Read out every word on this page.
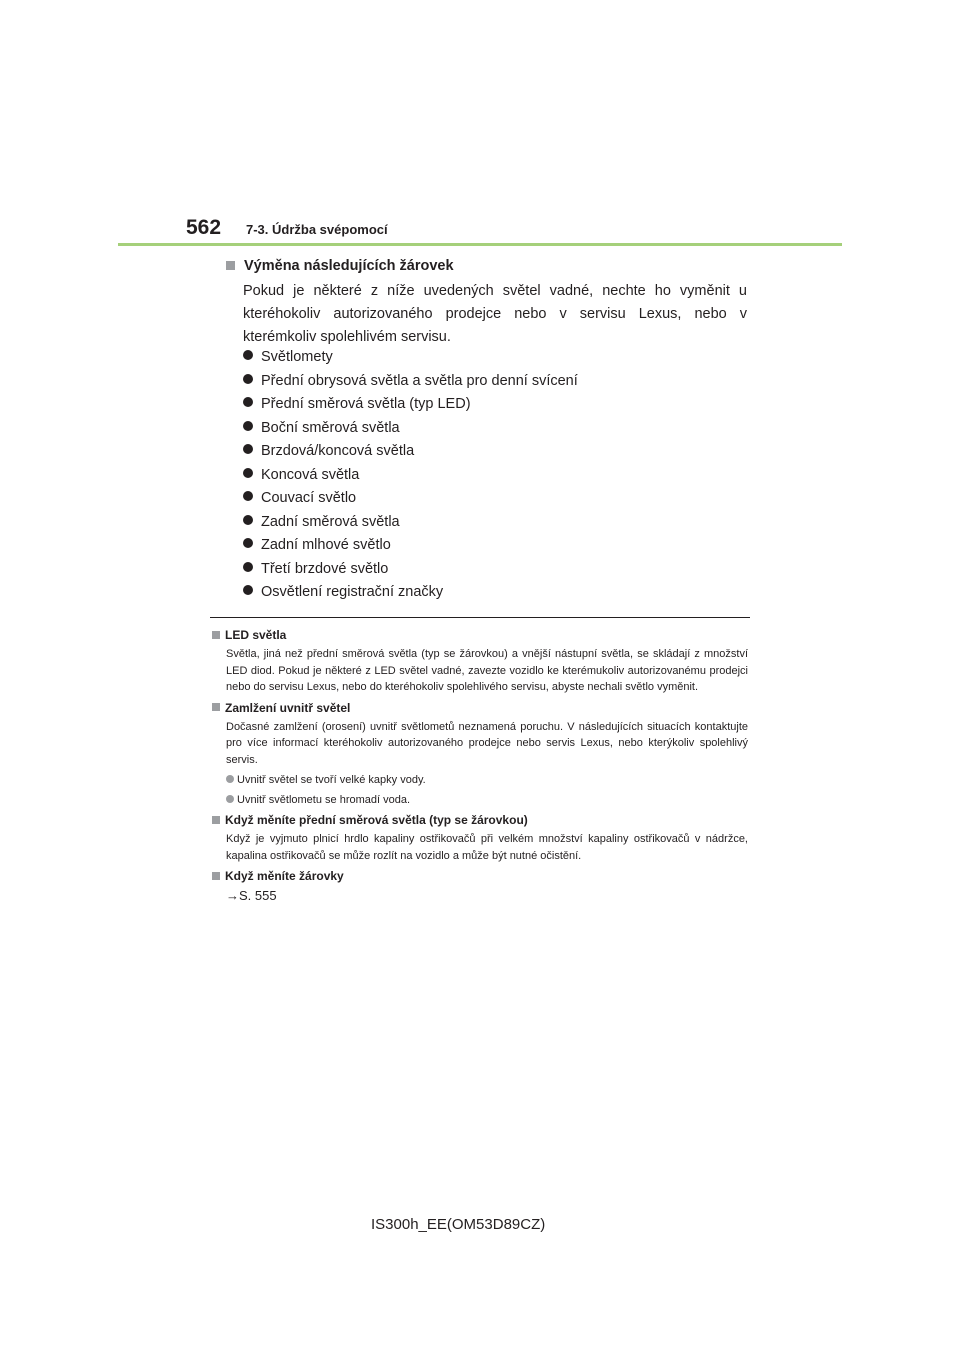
562 7-3. Údržba svépomocí
Výměna následujících žárovek

Pokud je některé z níže uvedených světel vadné, nechte ho vyměnit u kteréhokoliv autorizovaného prodejce nebo v servisu Lexus, nebo v kterémkoliv spolehlivém servisu.

Světlomety
Přední obrysová světla a světla pro denní svícení
Přední směrová světla (typ LED)
Boční směrová světla
Brzdová/koncová světla
Koncová světla
Couvací světlo
Zadní směrová světla
Zadní mlhové světlo
Třetí brzdové světlo
Osvětlení registrační značky

LED světla

Světla, jiná než přední směrová světla (typ se žárovkou) a vnější nástupní světla, se skládají z množství LED diod. Pokud je některé z LED světel vadné, zavezte vozidlo ke kterémukoliv autorizovanému prodejci nebo do servisu Lexus, nebo do kteréhokoliv spolehlivého servisu, abyste nechali světlo vyměnit.

Zamlžení uvnitř světel

Dočasné zamlžení (orosení) uvnitř světlometů neznamená poruchu. V následujících situacích kontaktujte pro více informací kteréhokoliv autorizovaného prodejce nebo servis Lexus, nebo kterýkoliv spolehlivý servis.

Uvnitř světel se tvoří velké kapky vody.

Uvnitř světlometu se hromadí voda.

Když měníte přední směrová světla (typ se žárovkou)

Když je vyjmuto plnicí hrdlo kapaliny ostřikovačů při velkém množství kapaliny ostřikovačů v nádržce, kapalina ostřikovačů se může rozlít na vozidlo a může být nutné očistění.

Když měníte žárovky

→S. 555

IS300h_EE(OM53D89CZ)
